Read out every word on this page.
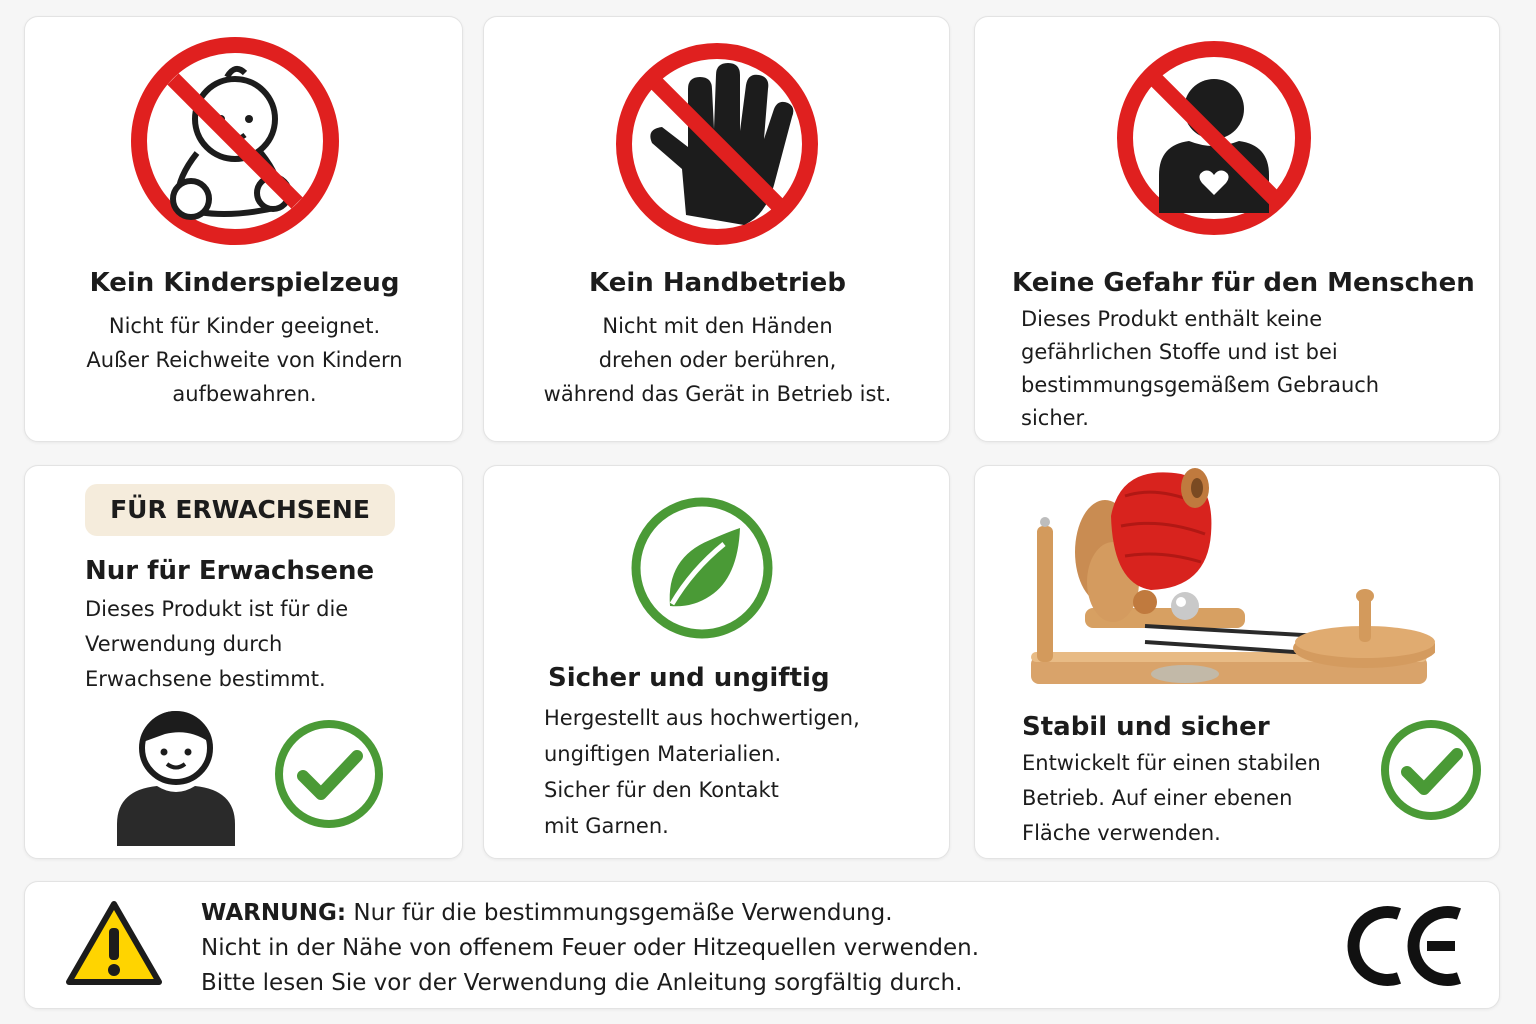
Kein Kinderspielzeug
Nicht für Kinder geeignet.
Außer Reichweite von Kindern
aufbewahren.
Kein Handbetrieb
Nicht mit den Händen
drehen oder berühren,
während das Gerät in Betrieb ist.
Keine Gefahr für den Menschen
Dieses Produkt enthält keine
gefährlichen Stoffe und ist bei
bestimmungsgemäßem Gebrauch
sicher.
FÜR ERWACHSENE
Nur für Erwachsene
Dieses Produkt ist für die
Verwendung durch
Erwachsene bestimmt.	Sicher und ungiftig
Hergestellt aus hochwertigen,
ungiftigen Materialien.
Sicher für den Kontakt
mit Garnen.
Stabil und sicher
Entwickelt für einen stabilen
Betrieb. Auf einer ebenen
Fläche verwenden.
WARNUNG: Nur für die bestimmungsgemäße Verwendung.
Nicht in der Nähe von offenem Feuer oder Hitzequellen verwenden.
Bitte lesen Sie vor der Verwendung die Anleitung sorgfältig durch.
